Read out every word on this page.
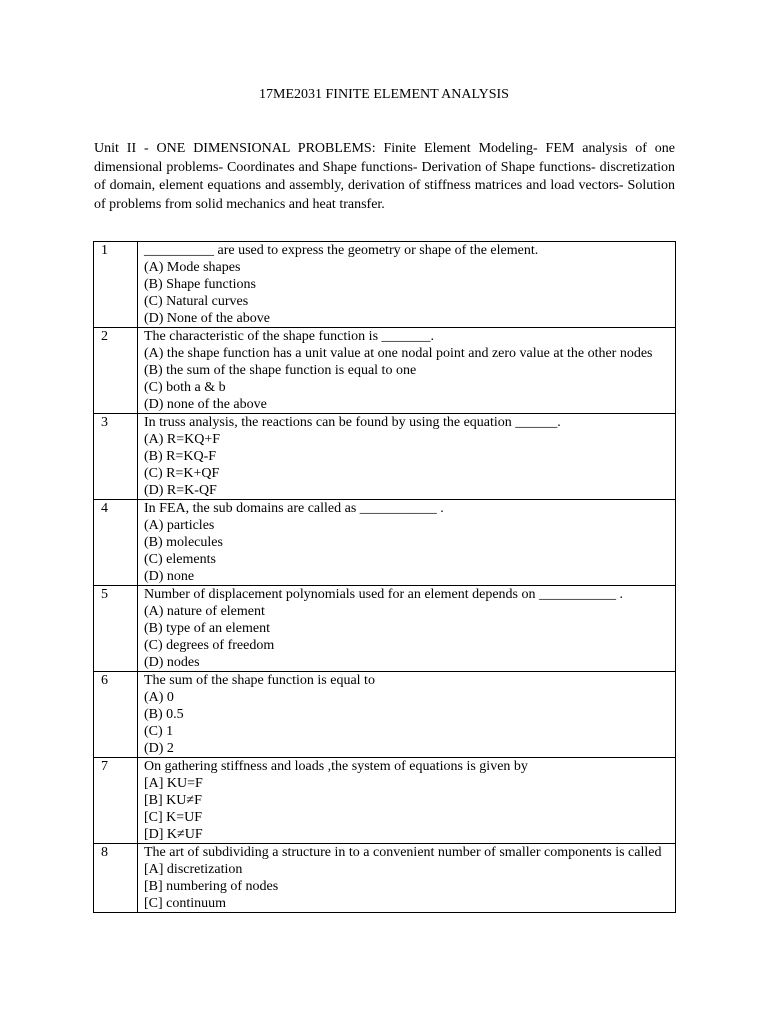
17ME2031 FINITE ELEMENT ANALYSIS
Unit II - ONE DIMENSIONAL PROBLEMS: Finite Element Modeling- FEM analysis of one dimensional problems- Coordinates and Shape functions- Derivation of Shape functions- discretization of domain, element equations and assembly, derivation of stiffness matrices and load vectors- Solution of problems from solid mechanics and heat transfer.
1	__________ are used to express the geometry or shape of the element.
(A) Mode shapes
(B) Shape functions
(C) Natural curves
(D) None of the above

2	The characteristic of the shape function is _______.
(A) the shape function has a unit value at one nodal point and zero value at the other nodes
(B) the sum of the shape function is equal to one
(C) both a & b
(D) none of the above

3	In truss analysis, the reactions can be found by using the equation ______.
(A) R=KQ+F
(B) R=KQ-F
(C) R=K+QF
(D) R=K-QF

4	In FEA, the sub domains are called as ___________ .
(A) particles
(B) molecules
(C) elements
(D) none

5	Number of displacement polynomials used for an element depends on ___________ .
(A) nature of element
(B) type of an element
(C) degrees of freedom
(D) nodes

6	The sum of the shape function is equal to
(A) 0
(B) 0.5
(C) 1
(D) 2

7	On gathering stiffness and loads ,the system of equations is given by
[A] KU=F
[B] KU≠F
[C] K=UF
[D] K≠UF

8	The art of subdividing a structure in to a convenient number of smaller components is called
[A] discretization
[B] numbering of nodes
[C] continuum
